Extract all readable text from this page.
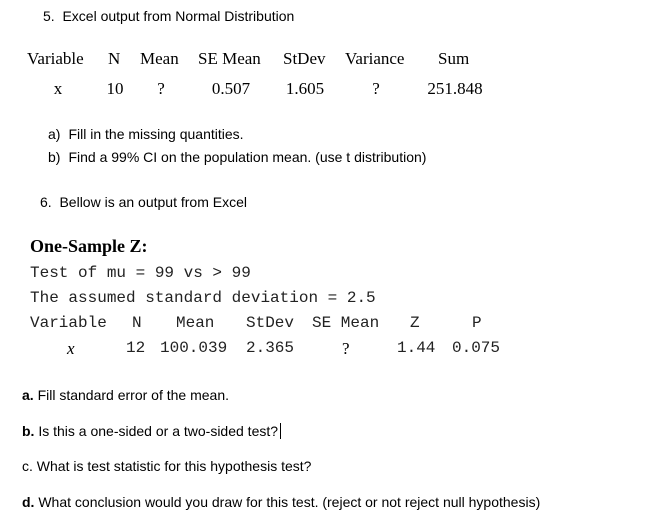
5.  Excel output from Normal Distribution
Variable N Mean SE Mean StDev Variance Sum
x	10 ?	0.507 1.605	?	251.848
a) Fill in the missing quantities.
b) Find a 99% CI on the population mean. (use t distribution)
6.  Bellow is an output from Excel
One-Sample Z:
Test of mu = 99 vs > 99
The assumed standard deviation = 2.5
Variable N Mean StDev SE Mean Z	P
x	12 100.039 2.365	?	1.44 0.075
a. Fill standard error of the mean.
b. Is this a one-sided or a two-sided test?
c. What is test statistic for this hypothesis test?
d. What conclusion would you draw for this test. (reject or not reject null hypothesis)
